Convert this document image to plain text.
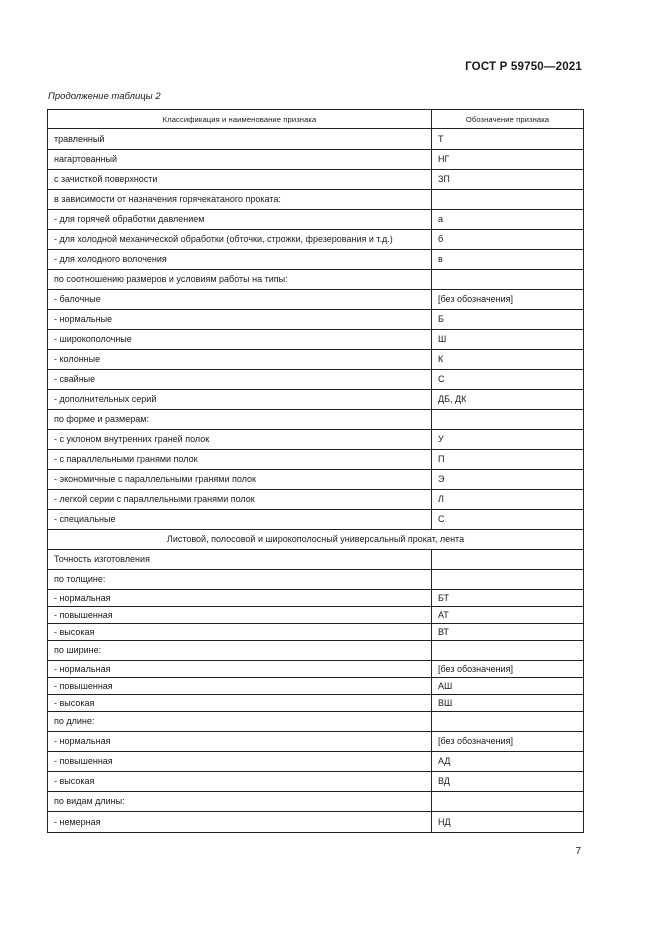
ГОСТ Р 59750—2021
Продолжение таблицы 2
Классификация и наименование признака	Обозначение признака
травленный	Т
нагартованный	НГ
с зачисткой поверхности	ЗП
в зависимости от назначения горячекатаного проката:	
- для горячей обработки давлением	а
- для холодной механической обработки (обточки, строжки, фрезерования и т.д.)	б
- для холодного волочения	в
по соотношению размеров и условиям работы на типы:	
- балочные	[без обозначения]
- нормальные	Б
- широкополочные	Ш
- колонные	К
- свайные	С
- дополнительных серий	ДБ, ДК
по форме и размерам:	
- с уклоном внутренних граней полок	У
- с параллельными гранями полок	П
- экономичные с параллельными гранями полок	Э
- легкой серии с параллельными гранями полок	Л
- специальные	С
Листовой, полосовой и широкополосный универсальный прокат, лента	
Точность изготовления	
по толщине:	
- нормальная	БТ
- повышенная	АТ
- высокая	ВТ
по ширине:	
- нормальная	[без обозначения]
- повышенная	АШ
- высокая	ВШ
по длине:	
- нормальная	[без обозначения]
- повышенная	АД
- высокая	ВД
по видам длины:	
- немерная	НД
7
